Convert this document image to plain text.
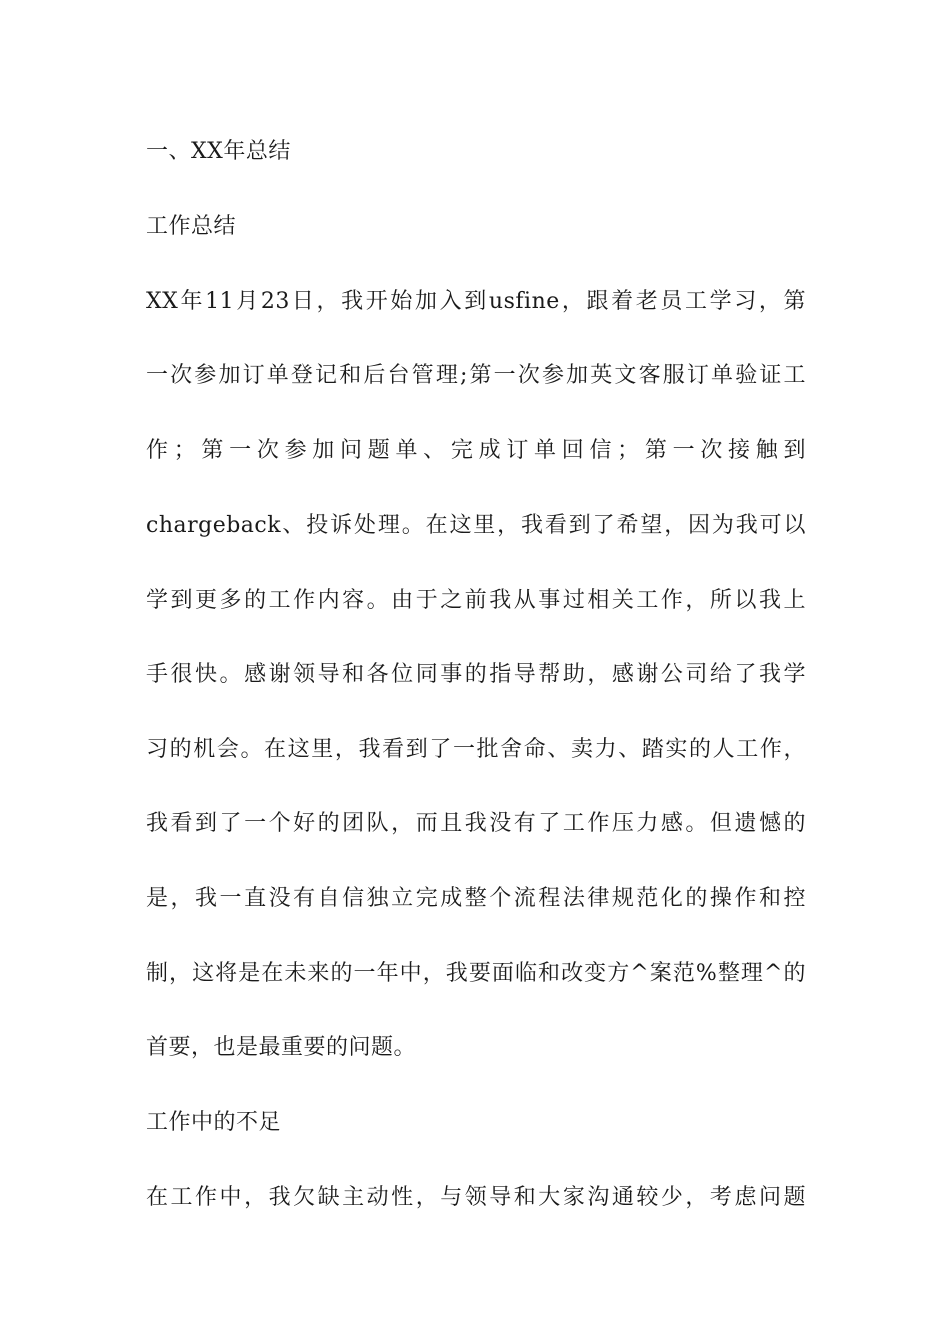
一、XX年总结
工作总结
XX年11月23日，我开始加入到usfine，跟着老员工学习，第
一次参加订单登记和后台管理;第一次参加英文客服订单验证工
作；第一次参加问题单、完成订单回信；第一次接触到
chargeback、投诉处理。在这里，我看到了希望，因为我可以
学到更多的工作内容。由于之前我从事过相关工作，所以我上
手很快。感谢领导和各位同事的指导帮助，感谢公司给了我学
习的机会。在这里，我看到了一批舍命、卖力、踏实的人工作，
我看到了一个好的团队，而且我没有了工作压力感。但遗憾的
是，我一直没有自信独立完成整个流程法律规范化的操作和控
制，这将是在未来的一年中，我要面临和改变方^案范%整理^的
首要，也是最重要的问题。
工作中的不足
在工作中，我欠缺主动性，与领导和大家沟通较少，考虑问题
